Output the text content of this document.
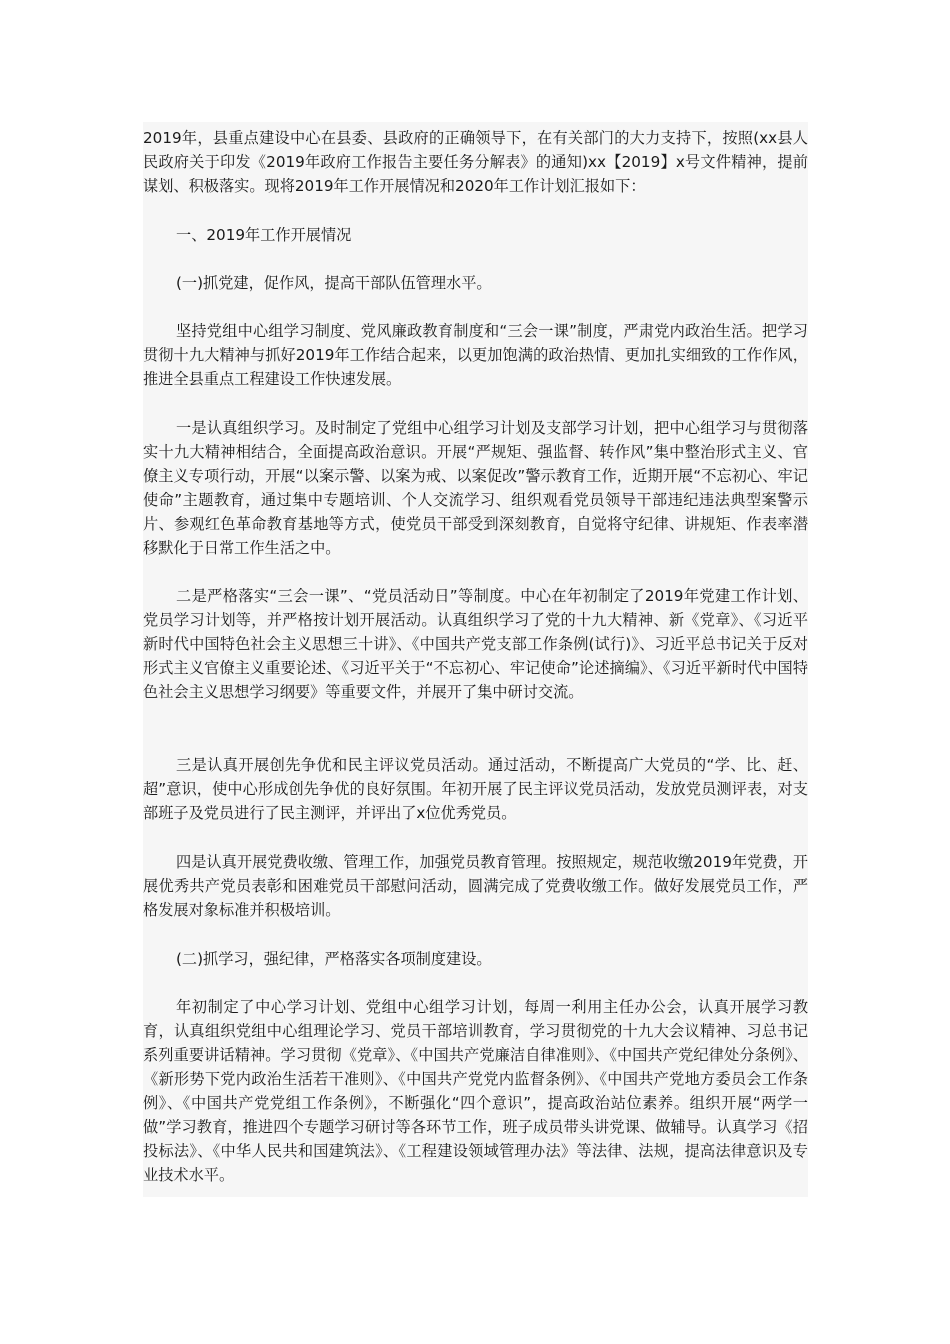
2019年，县重点建设中心在县委、县政府的正确领导下，在有关部门的大力支持下，按照(xx县人民政府关于印发《2019年政府工作报告主要任务分解表》的通知)xx【2019】x号文件精神，提前谋划、积极落实。现将2019年工作开展情况和2020年工作计划汇报如下：

一、2019年工作开展情况

(一)抓党建，促作风，提高干部队伍管理水平。

坚持党组中心组学习制度、党风廉政教育制度和“三会一课”制度，严肃党内政治生活。把学习贯彻十九大精神与抓好2019年工作结合起来，以更加饱满的政治热情、更加扎实细致的工作作风，推进全县重点工程建设工作快速发展。

一是认真组织学习。及时制定了党组中心组学习计划及支部学习计划，把中心组学习与贯彻落实十九大精神相结合，全面提高政治意识。开展“严规矩、强监督、转作风”集中整治形式主义、官僚主义专项行动，开展“以案示警、以案为戒、以案促改”警示教育工作，近期开展“不忘初心、牢记使命”主题教育，通过集中专题培训、个人交流学习、组织观看党员领导干部违纪违法典型案警示片、参观红色革命教育基地等方式，使党员干部受到深刻教育，自觉将守纪律、讲规矩、作表率潜移默化于日常工作生活之中。

二是严格落实“三会一课”、“党员活动日”等制度。中心在年初制定了2019年党建工作计划、党员学习计划等，并严格按计划开展活动。认真组织学习了党的十九大精神、新《党章》、《习近平新时代中国特色社会主义思想三十讲》、《中国共产党支部工作条例(试行)》、习近平总书记关于反对形式主义官僚主义重要论述、《习近平关于“不忘初心、牢记使命”论述摘编》、《习近平新时代中国特色社会主义思想学习纲要》等重要文件，并展开了集中研讨交流。

三是认真开展创先争优和民主评议党员活动。通过活动，不断提高广大党员的“学、比、赶、超”意识，使中心形成创先争优的良好氛围。年初开展了民主评议党员活动，发放党员测评表，对支部班子及党员进行了民主测评，并评出了x位优秀党员。

四是认真开展党费收缴、管理工作，加强党员教育管理。按照规定，规范收缴2019年党费，开展优秀共产党员表彰和困难党员干部慰问活动，圆满完成了党费收缴工作。做好发展党员工作，严格发展对象标准并积极培训。

(二)抓学习，强纪律，严格落实各项制度建设。

年初制定了中心学习计划、党组中心组学习计划，每周一利用主任办公会，认真开展学习教育，认真组织党组中心组理论学习、党员干部培训教育，学习贯彻党的十九大会议精神、习总书记系列重要讲话精神。学习贯彻《党章》、《中国共产党廉洁自律准则》、《中国共产党纪律处分条例》、《新形势下党内政治生活若干准则》、《中国共产党党内监督条例》、《中国共产党地方委员会工作条例》、《中国共产党党组工作条例》，不断强化“四个意识”，提高政治站位素养。组织开展“两学一做”学习教育，推进四个专题学习研讨等各环节工作，班子成员带头讲党课、做辅导。认真学习《招投标法》、《中华人民共和国建筑法》、《工程建设领域管理办法》等法律、法规，提高法律意识及专业技术水平。
